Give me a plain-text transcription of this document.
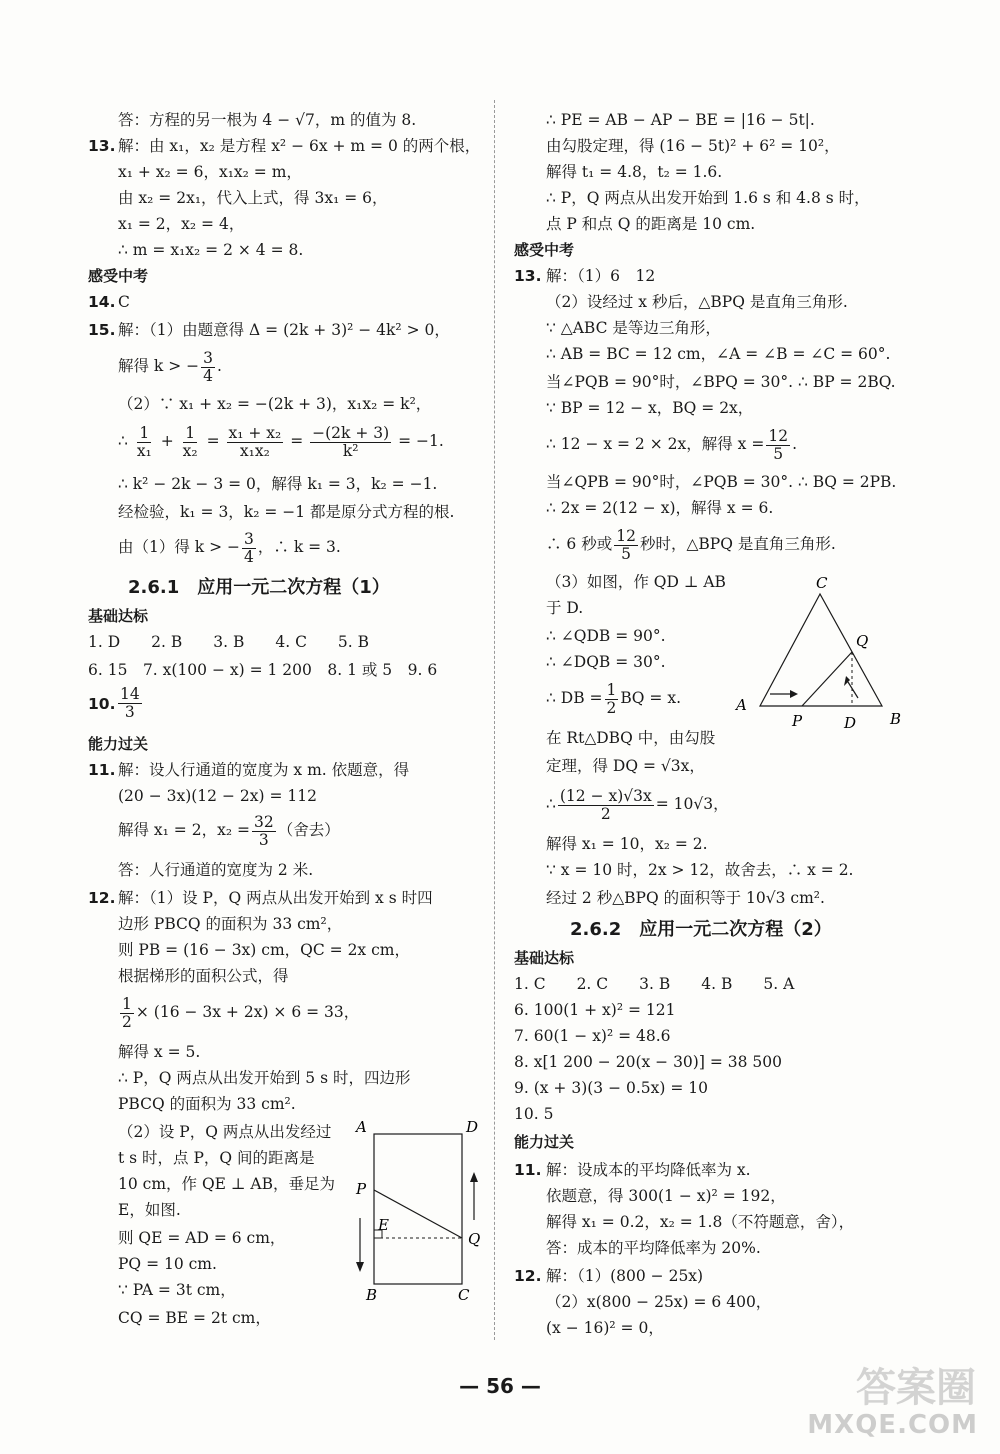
答：方程的另一根为 4 − √7，m 的值为 8.
13. 解：由 x₁，x₂ 是方程 x² − 6x + m = 0 的两个根，
x₁ + x₂ = 6，x₁x₂ = m，
由 x₂ = 2x₁，代入上式，得 3x₁ = 6，
x₁ = 2，x₂ = 4，
∴ m = x₁x₂ = 2 × 4 = 8.
感受中考
14. C
15. 解：（1）由题意得 Δ = (2k + 3)² − 4k² > 0，
解得 k > − $\frac{3}{4}$ .
（2）∵ x₁ + x₂ = −(2k + 3)，x₁x₂ = k²，
∴ $\frac{1}{\text{x₁}} + \frac{1}{\text{x₂}} = \frac{\text{x₁ + x₂}}{\text{x₁x₂}} = \frac{-(2k + 3)}{\text{k²}} = -1$.
∴ k² − 2k − 3 = 0，解得 k₁ = 3，k₂ = −1.
经检验，k₁ = 3，k₂ = −1 都是原分式方程的根.
由（1）得 k > − $\frac{3}{4}$ ，∴ k = 3.
2.6.1　应用一元二次方程（1）
基础达标
1. D　　2. B　　3. B　　4. C　　5. B
6. 15　7. x(100 − x) = 1 200　8. 1 或 5　9. 6
10. $\frac{14}{3}$
能力过关
11. 解：设人行通道的宽度为 x m. 依题意，得
(20 − 3x)(12 − 2x) = 112
解得 x₁ = 2，$x_2 = \frac{32}{3}$ （舍去）
答：人行通道的宽度为 2 米.
12. 解：（1）设 P，Q 两点从出发开始到 x s 时四
边形 PBCQ 的面积为 33 cm²，
则 PB = (16 − 3x) cm，QC = 2x cm，
根据梯形的面积公式，得
$\frac{1}{2} \times (16 - 3x + 2x) \times 6 = 33$，
解得 x = 5.
∴ P，Q 两点从出发开始到 5 s 时，四边形
PBCQ 的面积为 33 cm².
（2）设 P，Q 两点从出发经过
t s 时，点 P，Q 间的距离是
10 cm，作 QE ⊥ AB，垂足为
E，如图.
则 QE = AD = 6 cm，
PQ = 10 cm.
∵ PA = 3t cm，
CQ = BE = 2t cm，
A	D
P
E
Q
B	C
∴ PE = AB − AP − BE = |16 − 5t|.
由勾股定理，得 (16 − 5t)² + 6² = 10²，
解得 t₁ = 4.8，t₂ = 1.6.
∴ P，Q 两点从出发开始到 1.6 s 和 4.8 s 时，
点 P 和点 Q 的距离是 10 cm.
感受中考
13. 解：（1）6　12
（2）设经过 x 秒后，△BPQ 是直角三角形.
∵ △ABC 是等边三角形，
∴ AB = BC = 12 cm，∠A = ∠B = ∠C = 60°.
当∠PQB = 90°时，∠BPQ = 30°. ∴ BP = 2BQ.
∵ BP = 12 − x，BQ = 2x，
∴ 12 − x = 2 × 2x，解得 $x = \frac{12}{5}$ .
当∠QPB = 90°时，∠PQB = 30°. ∴ BQ = 2PB.
∴ 2x = 2(12 − x)，解得 x = 6.
∴ 6 秒或 $\frac{12}{5}$ 秒时，△BPQ 是直角三角形.
（3）如图，作 QD ⊥ AB
于 D.
∴ ∠QDB = 90°.
∴ ∠DQB = 30°.
∴ DB = $\frac{1}{2}$ BQ = x.
在 Rt△DBQ 中，由勾股
定理，得 DQ = √3x，
∴ $\frac{(12 - x)√3x}{2} = 10√3$，
解得 x₁ = 10，x₂ = 2.
∵ x = 10 时，2x > 12，故舍去，∴ x = 2.
经过 2 秒△BPQ 的面积等于 10√3 cm².
C
A
B
P	D
Q
2.6.2　应用一元二次方程（2）
基础达标
1. C　　2. C　　3. B　　4. B　　5. A
6. 100(1 + x)² = 121
7. 60(1 − x)² = 48.6
8. x[1 200 − 20(x − 30)] = 38 500
9. (x + 3)(3 − 0.5x) = 10
10. 5
能力过关
11. 解：设成本的平均降低率为 x.
依题意，得 300(1 − x)² = 192，
解得 x₁ = 0.2，x₂ = 1.8（不符题意，舍），
答：成本的平均降低率为 20%.
12. 解：（1）(800 − 25x)
（2）x(800 − 25x) = 6 400，
(x − 16)² = 0，
— 56 —	答案圈
MXQE.COM
